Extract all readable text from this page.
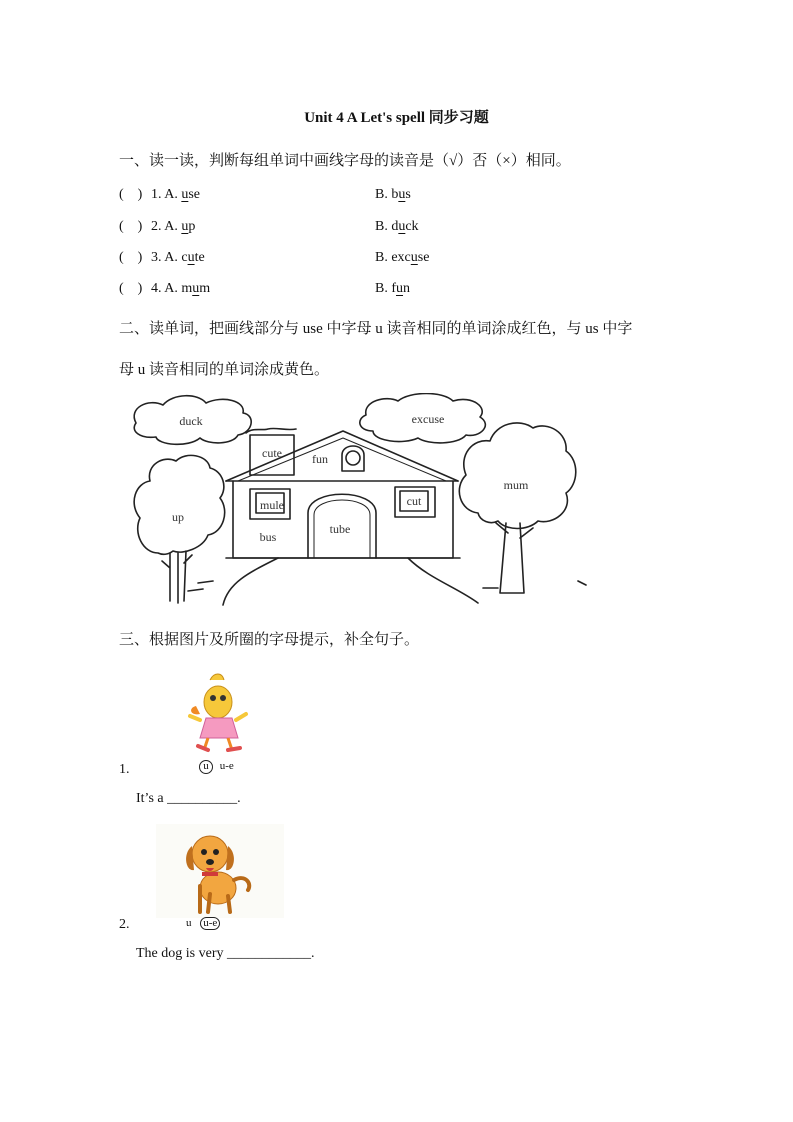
Unit 4 A Let's spell 同步习题
一、读一读，判断每组单词中画线字母的读音是（√）否（×）相同。
(    ) 1. A. use	B. bus
(    ) 2. A. up	B. duck
(    ) 3. A. cute	B. excuse
(    ) 4. A. mum	B. fun
二、读单词，把画线部分与 use 中字母 u 读音相同的单词涂成红色，与 us 中字
母 u 读音相同的单词涂成黄色。
duck	excuse
cute	fun
up
mum
mule	cut
tube
bus
三、根据图片及所圈的字母提示，补全句子。
u u-e
1.
It’s a __________.
u u-e
2.
The dog is very ____________.
